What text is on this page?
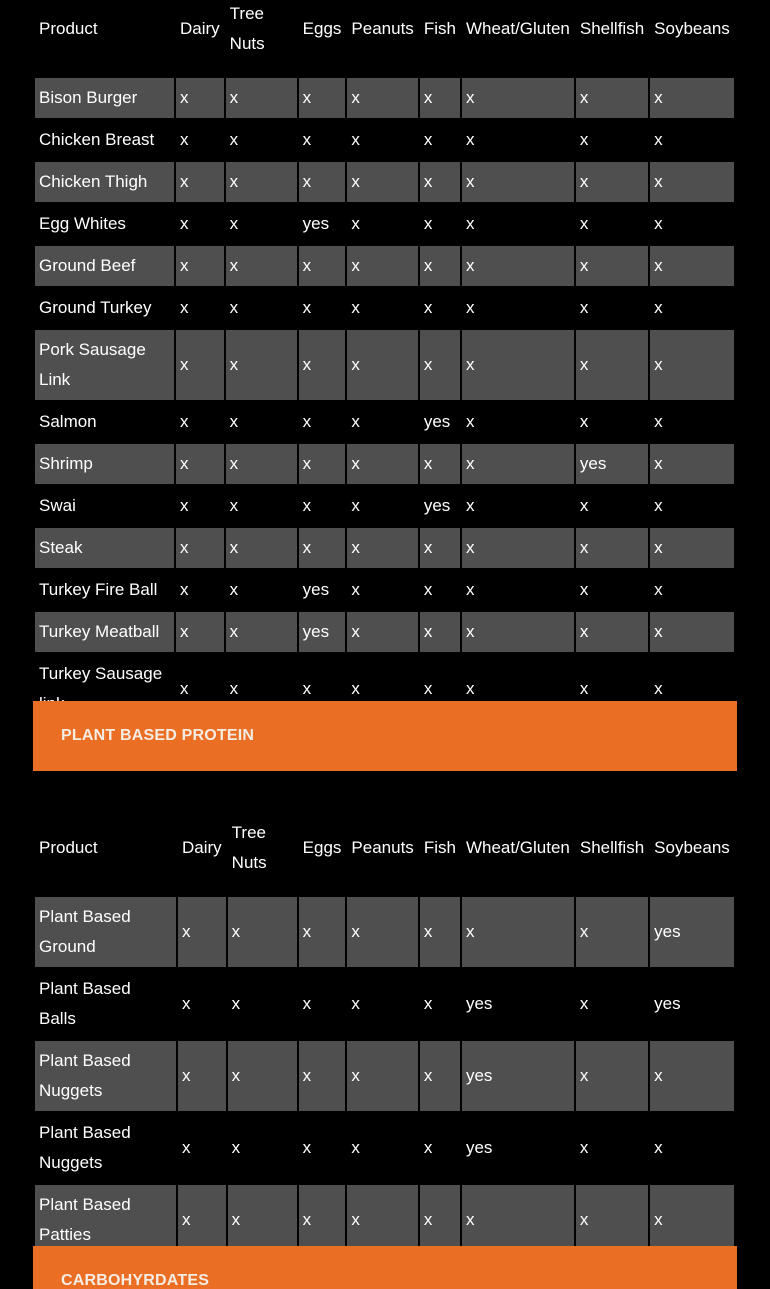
Product	Dairy	Tree Nuts	Eggs	Peanuts	Fish	Wheat/Gluten	Shellfish	Soybeans

Bison Burger	x	x	x	x	x	x	x	x
Chicken Breast	x	x	x	x	x	x	x	x
Chicken Thigh	x	x	x	x	x	x	x	x
Egg Whites	x	x	yes	x	x	x	x	x
Ground Beef	x	x	x	x	x	x	x	x
Ground Turkey	x	x	x	x	x	x	x	x
Pork Sausage Link	x	x	x	x	x	x	x	x
Salmon	x	x	x	x	yes	x	x	x
Shrimp	x	x	x	x	x	x	yes	x
Swai	x	x	x	x	yes	x	x	x
Steak	x	x	x	x	x	x	x	x
Turkey Fire Ball	x	x	yes	x	x	x	x	x
Turkey Meatball	x	x	yes	x	x	x	x	x
Turkey Sausage	x	x	x	x	x	x	x	x
PLANT BASED PROTEIN
Product	Dairy	Tree Nuts	Eggs	Peanuts	Fish	Wheat/Gluten	Shellfish	Soybeans

Plant Based Ground	x	x	x	x	x	x	x	yes
Plant Based Balls	x	x	x	x	x	yes	x	yes
Plant Based Nuggets	x	x	x	x	x	yes	x	x
Plant Based Nuggets	x	x	x	x	x	yes	x	x
Plant Based Patties	x	x	x	x	x	x	x	x
CARBOHYRDATES
